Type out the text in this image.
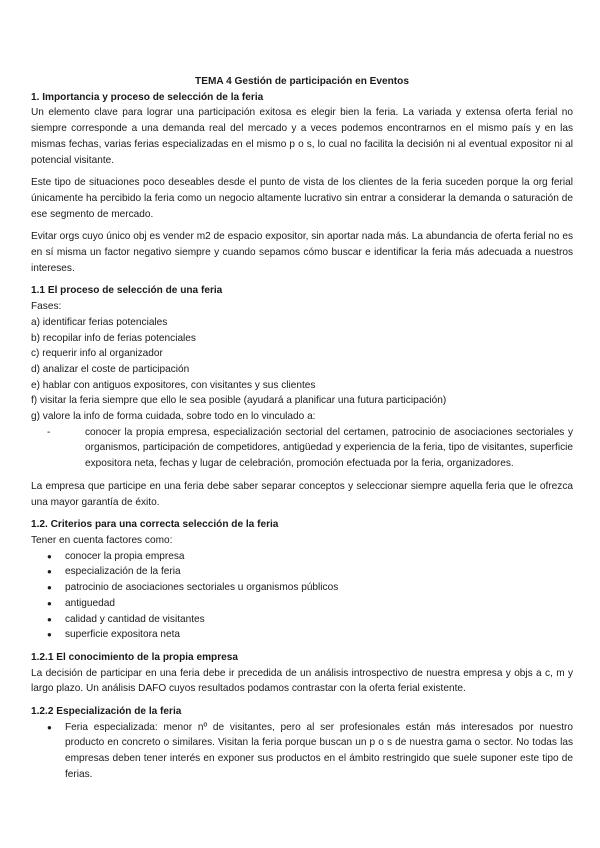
TEMA 4 Gestión de participación en Eventos
1. Importancia y proceso de selección de la feria

Un elemento clave para lograr una participación exitosa es elegir bien la feria. La variada y extensa oferta ferial no siempre corresponde a una demanda real del mercado y a veces podemos encontrarnos en el mismo país y en las mismas fechas, varias ferias especializadas en el mismo p o s, lo cual no facilita la decisión ni al eventual expositor ni al potencial visitante.

Este tipo de situaciones poco deseables desde el punto de vista de los clientes de la feria suceden porque la org ferial únicamente ha percibido la feria como un negocio altamente lucrativo sin entrar a considerar la demanda o saturación de ese segmento de mercado.

Evitar orgs cuyo único obj es vender m2 de espacio expositor, sin aportar nada más. La abundancia de oferta ferial no es en sí misma un factor negativo siempre y cuando sepamos cómo buscar e identificar la feria más adecuada a nuestros intereses.

1.1 El proceso de selección de una feria
Fases:
a) identificar ferias potenciales
b) recopilar info de ferias potenciales
c) requerir info al organizador
d) analizar el coste de participación
e) hablar con antiguos expositores, con visitantes y sus clientes
f) visitar la feria siempre que ello le sea posible (ayudará a planificar una futura participación)
g) valore la info de forma cuidada, sobre todo en lo vinculado a:
-	conocer la propia empresa, especialización sectorial del certamen, patrocinio de asociaciones sectoriales y organismos, participación de competidores, antigüedad y experiencia de la feria, tipo de visitantes, superficie expositora neta, fechas y lugar de celebración, promoción efectuada por la feria, organizadores.

La empresa que participe en una feria debe saber separar conceptos y seleccionar siempre aquella feria que le ofrezca una mayor garantía de éxito.

1.2. Criterios para una correcta selección de la feria
Tener en cuenta factores como:
●	conocer la propia empresa
●	especialización de la feria
●	patrocinio de asociaciones sectoriales u organismos públicos
●	antiguedad
●	calidad y cantidad de visitantes
●	superficie expositora neta
1.2.1 El conocimiento de la propia empresa

La decisión de participar en una feria debe ir precedida de un análisis introspectivo de nuestra empresa y objs a c, m y largo plazo. Un análisis DAFO cuyos resultados podamos contrastar con la oferta ferial existente.

1.2.2 Especialización de la feria
●	Feria especializada: menor nº de visitantes, pero al ser profesionales están más interesados por nuestro producto en concreto o similares. Visitan la feria porque buscan un p o s de nuestra gama o sector. No todas las empresas deben tener interés en exponer sus productos en el ámbito restringido que suele suponer este tipo de ferias.
